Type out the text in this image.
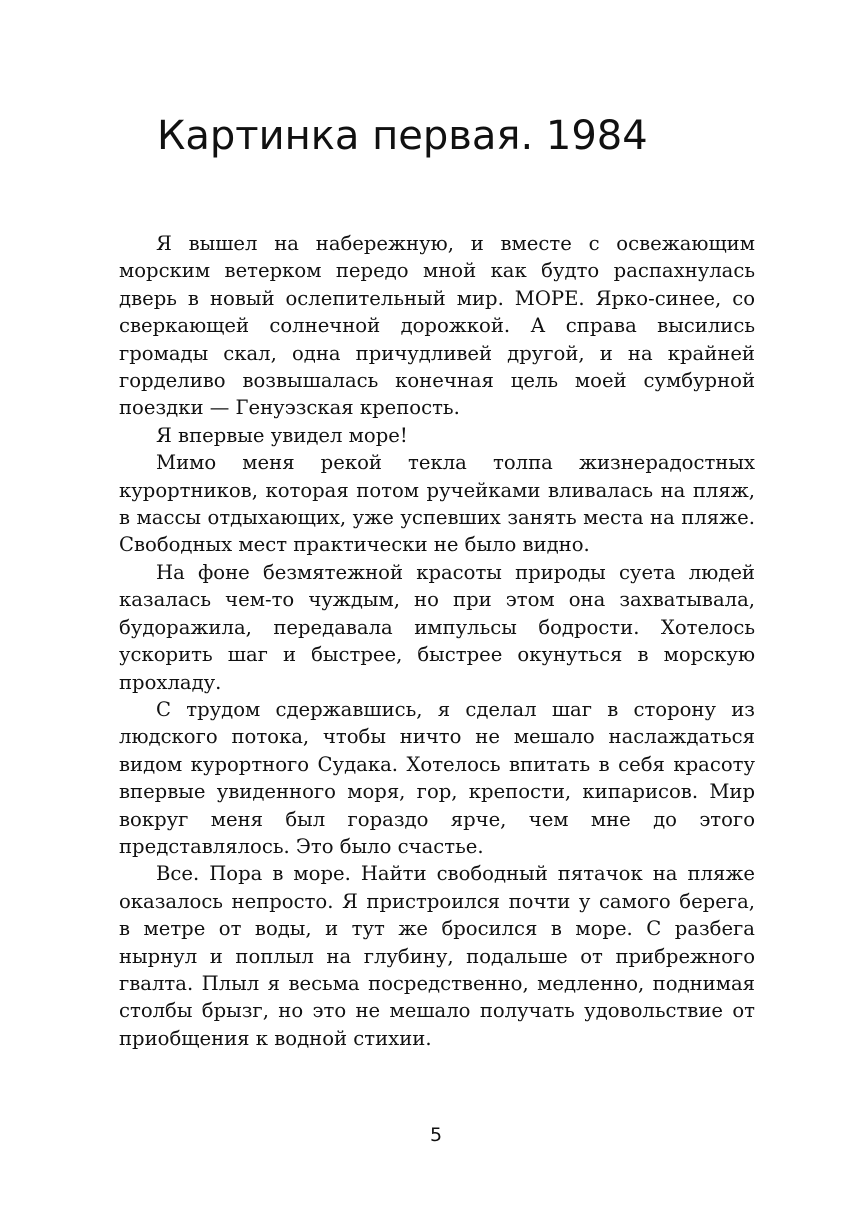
Картинка первая. 1984

Я вышел на набережную, и вместе с освежающим морским ветерком передо мной как будто распахнулась дверь в новый ослепительный мир. МОРЕ. Ярко-синее, со сверкающей солнечной дорожкой. А справа высились громады скал, одна причудливей другой, и на крайней горделиво возвышалась конечная цель моей сумбурной поездки — Генуэзская крепость.

Я впервые увидел море!

Мимо меня рекой текла толпа жизнерадостных курортников, которая потом ручейками вливалась на пляж, в массы отдыхающих, уже успевших занять места на пляже. Свободных мест практически не было видно.

На фоне безмятежной красоты природы суета людей казалась чем-то чуждым, но при этом она захватывала, будоражила, передавала импульсы бодрости. Хотелось ускорить шаг и быстрее, быстрее окунуться в морскую прохладу.

С трудом сдержавшись, я сделал шаг в сторону из людского потока, чтобы ничто не мешало наслаждаться видом курортного Судака. Хотелось впитать в себя красоту впервые увиденного моря, гор, крепости, кипарисов. Мир вокруг меня был гораздо ярче, чем мне до этого представлялось. Это было счастье.

Все. Пора в море. Найти свободный пятачок на пляже оказалось непросто. Я пристроился почти у самого берега, в метре от воды, и тут же бросился в море. С разбега нырнул и поплыл на глубину, подальше от прибрежного гвалта. Плыл я весьма посредственно, медленно, поднимая столбы брызг, но это не мешало получать удовольствие от приобщения к водной стихии.

5
